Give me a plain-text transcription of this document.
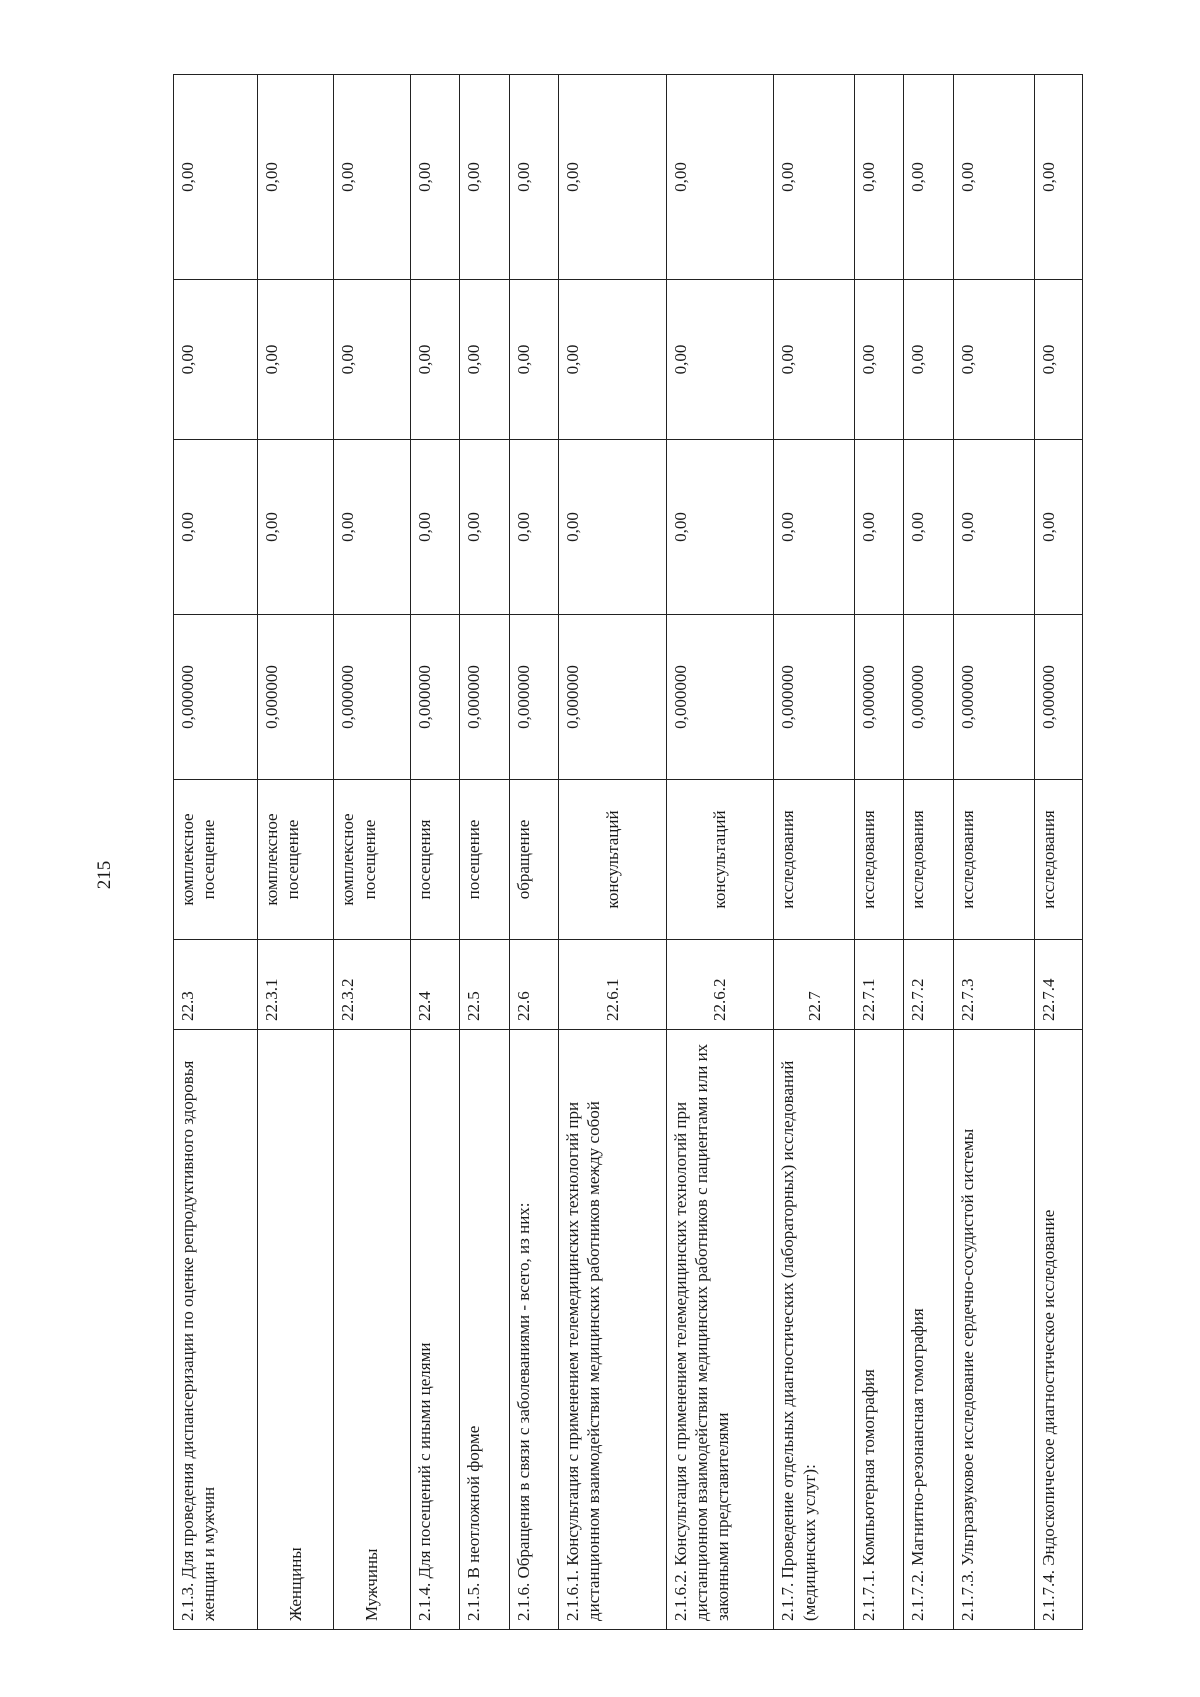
215
2.1.3. Для проведения диспансеризации по оценке репродуктивного здоровья женщин и мужчин	22.3	комплексное посещение	0,000000	0,00	0,00	0,00
Женщины	22.3.1	комплексное посещение	0,000000	0,00	0,00	0,00
Мужчины	22.3.2	комплексное посещение	0,000000	0,00	0,00	0,00
2.1.4. Для посещений с иными целями	22.4	посещения	0,000000	0,00	0,00	0,00
2.1.5. В неотложной форме	22.5	посещение	0,000000	0,00	0,00	0,00
2.1.6. Обращения в связи с заболеваниями - всего, из них:	22.6	обращение	0,000000	0,00	0,00	0,00
2.1.6.1. Консультация с применением телемедицинских технологий при дистанционном взаимодействии медицинских работников между собой	22.6.1	консультаций	0,000000	0,00	0,00	0,00
2.1.6.2. Консультация с применением телемедицинских технологий при дистанционном взаимодействии медицинских работников с пациентами или их законными представителями	22.6.2	консультаций	0,000000	0,00	0,00	0,00
2.1.7. Проведение отдельных диагностических (лабораторных) исследований (медицинских услуг):	22.7	исследования	0,000000	0,00	0,00	0,00
2.1.7.1. Компьютерная томография	22.7.1	исследования	0,000000	0,00	0,00	0,00
2.1.7.2. Магнитно-резонансная томография	22.7.2	исследования	0,000000	0,00	0,00	0,00
2.1.7.3. Ультразвуковое исследование сердечно-сосудистой системы	22.7.3	исследования	0,000000	0,00	0,00	0,00
2.1.7.4. Эндоскопическое диагностическое исследование	22.7.4	исследования	0,000000	0,00	0,00	0,00
